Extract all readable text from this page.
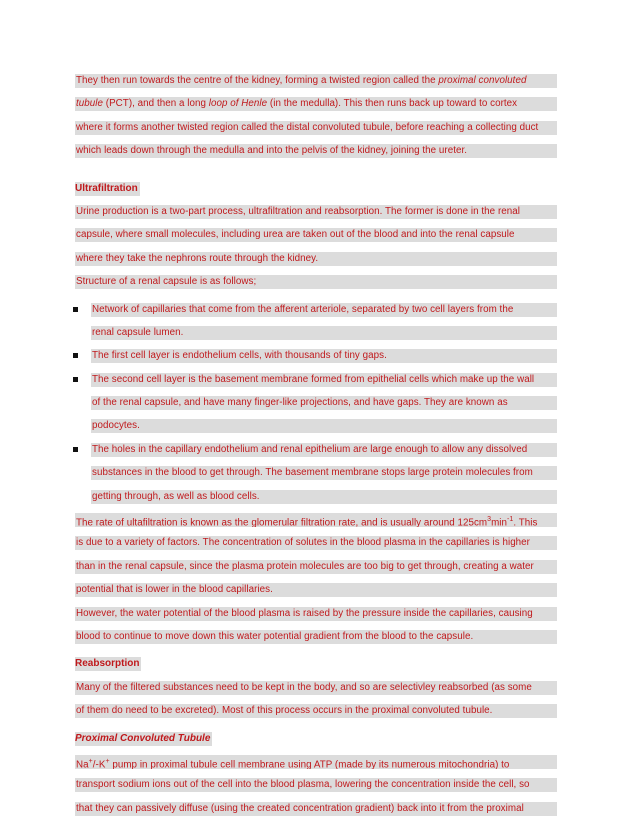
They then run towards the centre of the kidney, forming a twisted region called the proximal convoluted
tubule (PCT), and then a long loop of Henle (in the medulla). This then runs back up toward to cortex
where it forms another twisted region called the distal convoluted tubule, before reaching a collecting duct
which leads down through the medulla and into the pelvis of the kidney, joining the ureter.
Ultrafiltration
Urine production is a two-part process, ultrafiltration and reabsorption. The former is done in the renal
capsule, where small molecules, including urea are taken out of the blood and into the renal capsule
where they take the nephrons route through the kidney.
Structure of a renal capsule is as follows;
Network of capillaries that come from the afferent arteriole, separated by two cell layers from the
renal capsule lumen.
The first cell layer is endothelium cells, with thousands of tiny gaps.
The second cell layer is the basement membrane formed from epithelial cells which make up the wall
of the renal capsule, and have many finger-like projections, and have gaps. They are known as
podocytes.
The holes in the capillary endothelium and renal epithelium are large enough to allow any dissolved
substances in the blood to get through. The basement membrane stops large protein molecules from
getting through, as well as blood cells.
The rate of ultafiltration is known as the glomerular filtration rate, and is usually around $125cm^3\min^{-1}$. This
is due to a variety of factors. The concentration of solutes in the blood plasma in the capillaries is higher
than in the renal capsule, since the plasma protein molecules are too big to get through, creating a water
potential that is lower in the blood capillaries.
However, the water potential of the blood plasma is raised by the pressure inside the capillaries, causing
blood to continue to move down this water potential gradient from the blood to the capsule.
Reabsorption
Many of the filtered substances need to be kept in the body, and so are selectivley reabsorbed (as some
of them do need to be excreted). Most of this process occurs in the proximal convoluted tubule.
Proximal Convoluted Tubule
Na+/-K+ pump in proximal tubule cell membrane using ATP (made by its numerous mitochondria) to
transport sodium ions out of the cell into the blood plasma, lowering the concentration inside the cell, so
that they can passively diffuse (using the created concentration gradient) back into it from the proximal
